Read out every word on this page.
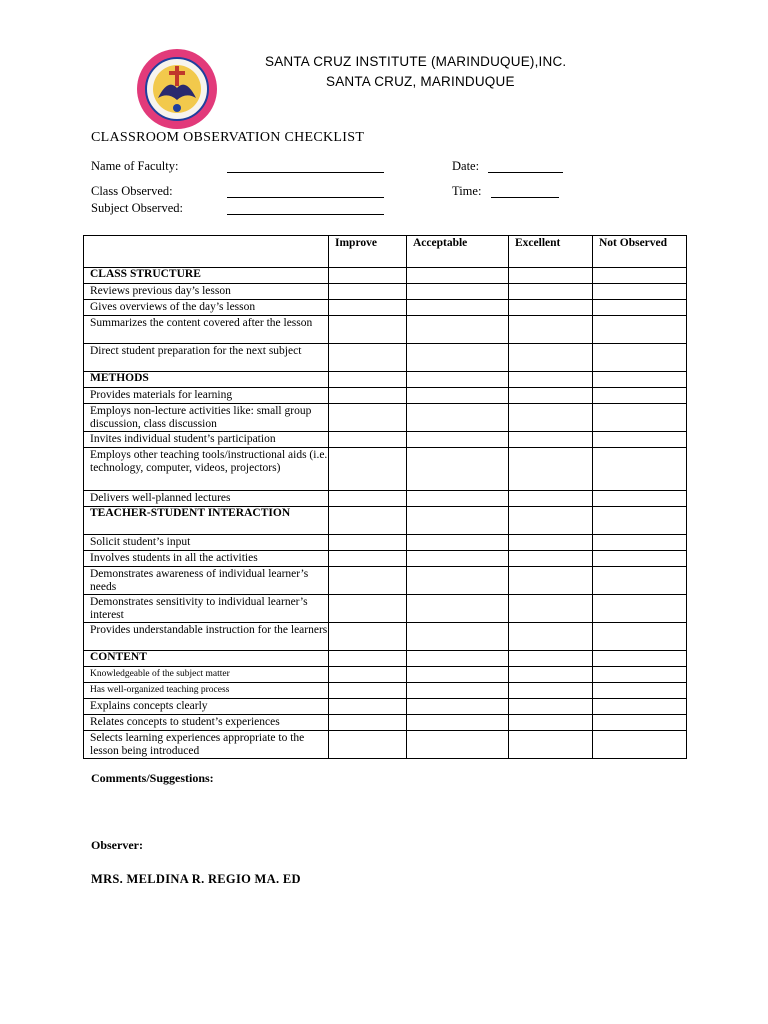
SANTA CRUZ INSTITUTE (MARINDUQUE),INC.
SANTA CRUZ, MARINDUQUE
CLASSROOM OBSERVATION CHECKLIST
Name of Faculty:	Date:
Class Observed:	Time:
Subject Observed:
	Improve	Acceptable	Excellent	Not Observed
CLASS STRUCTURE				
Reviews previous day’s lesson				
Gives overviews of the day’s lesson				
Summarizes the content covered after the lesson				
Direct student preparation for the next subject				
METHODS				
Provides materials for learning				
Employs non-lecture activities like: small group discussion, class discussion				
Invites individual student’s participation				
Employs other teaching tools/instructional aids (i.e. technology, computer, videos, projectors)				
Delivers well-planned lectures				
TEACHER-STUDENT INTERACTION				
Solicit student’s input				
Involves students in all the activities				
Demonstrates awareness of individual learner’s needs				
Demonstrates sensitivity to individual learner’s interest				
Provides understandable instruction for the learners				
CONTENT				
Knowledgeable of the subject matter				
Has well-organized teaching process				
Explains concepts clearly				
Relates concepts to student’s experiences				
Selects learning experiences appropriate to the lesson being introduced				
Comments/Suggestions:
Observer:
MRS. MELDINA R. REGIO MA. ED
